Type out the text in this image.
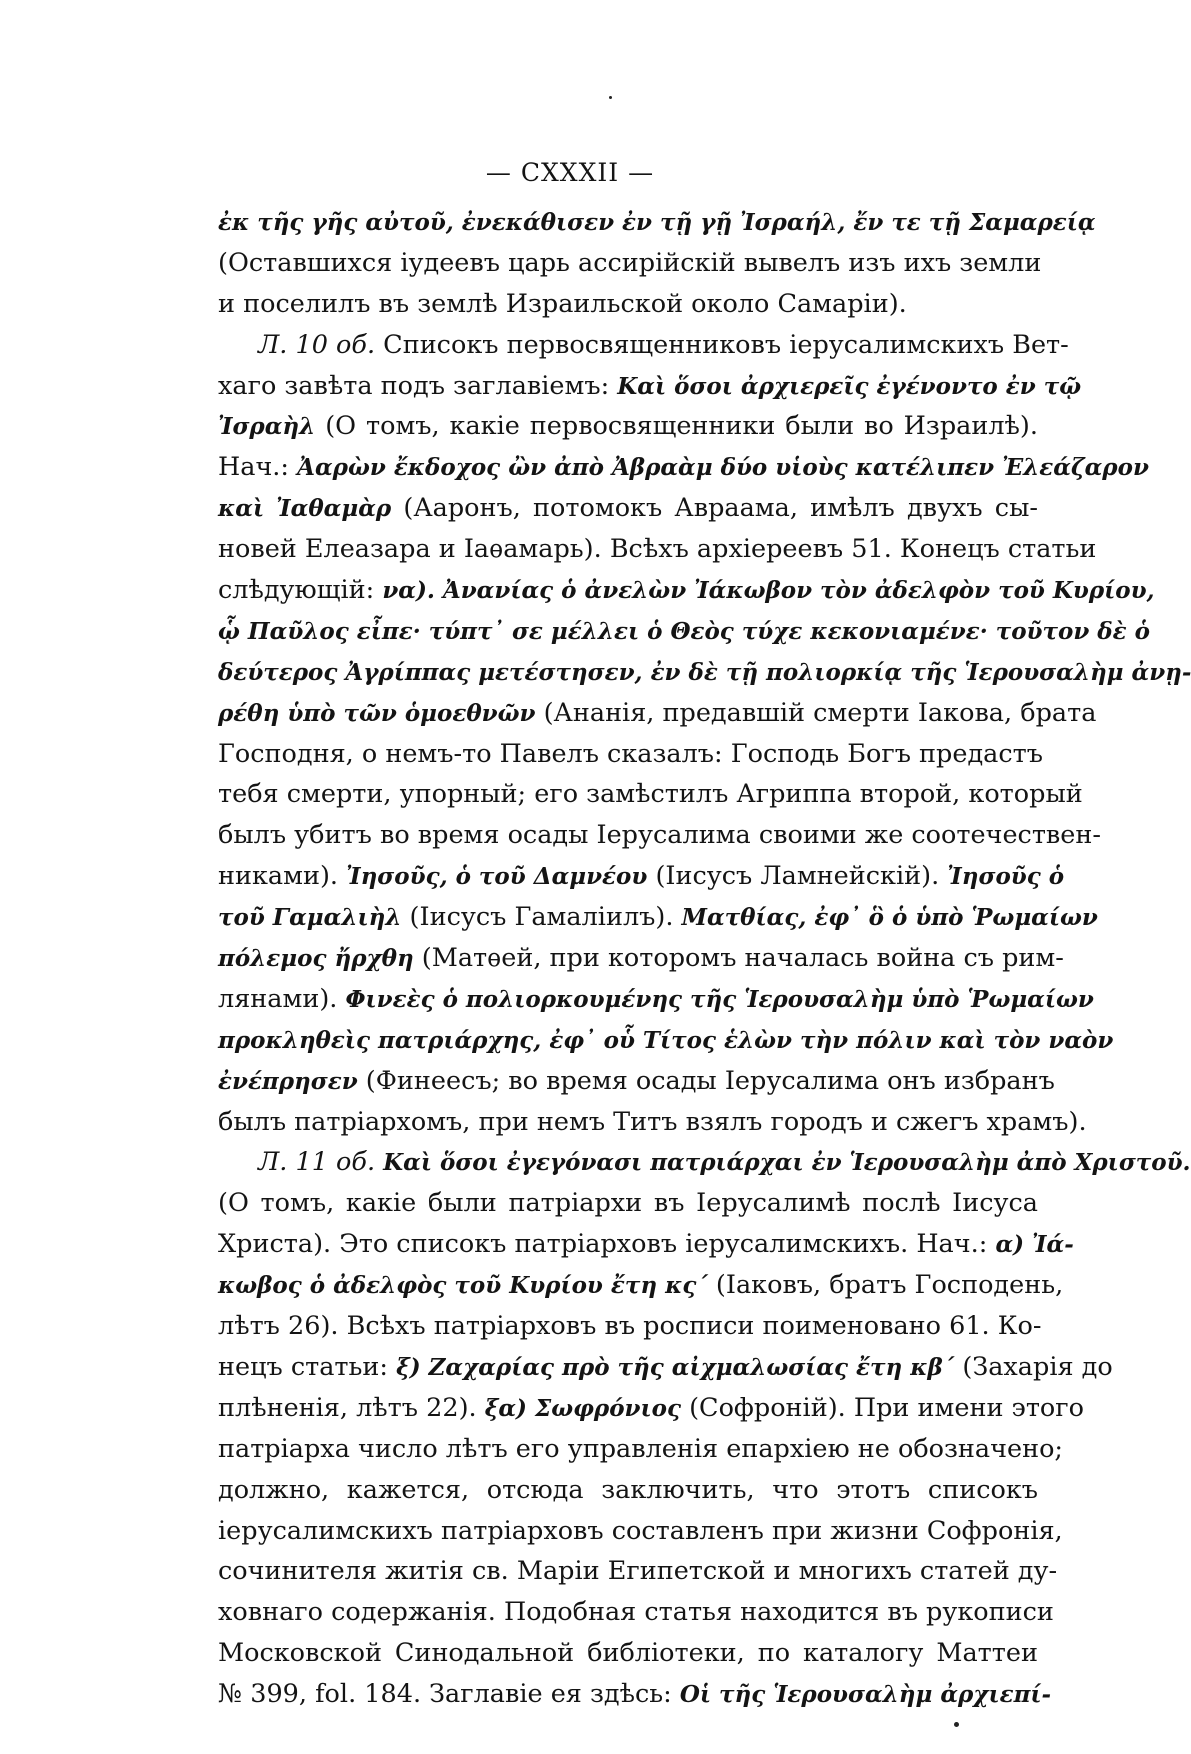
— CXXXII —
ἐκ τῆς γῆς αὐτοῦ, ἐνεκάθισεν ἐν τῇ γῇ Ἰσραήλ, ἔν τε τῇ Σαμαρείᾳ
(Оставшихся іудеевъ царь ассирійскій вывелъ изъ ихъ земли
и поселилъ въ землѣ Израильской около Самаріи).
Л. 10 об. Списокъ первосвященниковъ іерусалимскихъ Вет-
хаго завѣта подъ заглавіемъ: Καὶ ὅσοι ἀρχιερεῖς ἐγένοντο ἐν τῷ
Ἰσραὴλ (О томъ, какіе первосвященники были во Израилѣ).
Нач.: Ἀαρὼν ἔκδοχος ὢν ἀπὸ Ἀβραὰμ δύο υἱοὺς κατέλιπεν Ἐλεάζαρον
καὶ Ἰαθαμὰρ (Ааронъ, потомокъ Авраама, имѣлъ двухъ сы-
новей Елеазара и Іаѳамарь). Всѣхъ архіереевъ 51. Конецъ статьи
слѣдующій: να). Ἀνανίας ὁ ἀνελὼν Ἰάκωβον τὸν ἀδελφὸν τοῦ Κυρίου,
ᾧ Παῦλος εἶπε· τύπτ᾽ σε μέλλει ὁ Θεὸς τύχε κεκονιαμένε· τοῦτον δὲ ὁ
δεύτερος Ἀγρίππας μετέστησεν, ἐν δὲ τῇ πολιορκίᾳ τῆς Ἱερουσαλὴμ ἀνῃ-
ρέθη ὑπὸ τῶν ὁμοεθνῶν (Ананія, предавшій смерти Іакова, брата
Господня, о немъ-то Павелъ сказалъ: Господь Богъ предастъ
тебя смерти, упорный; его замѣстилъ Агриппа второй, который
былъ убитъ во время осады Іерусалима своими же соотечествен-
никами). Ἰησοῦς, ὁ τοῦ Δαμνέου (Іисусъ Ламнейскій). Ἰησοῦς ὁ
τοῦ Γαμαλιὴλ (Іисусъ Гамаліилъ). Ματθίας, ἐφ᾽ ὃ ὁ ὑπὸ Ῥωμαίων
πόλεμος ἤρχθη (Матѳей, при которомъ началась война съ рим-
лянами). Φινεὲς ὁ πολιορκουμένης τῆς Ἱερουσαλὴμ ὑπὸ Ῥωμαίων
προκληθεὶς πατριάρχης, ἐφ᾽ οὗ Τίτος ἑλὼν τὴν πόλιν καὶ τὸν ναὸν
ἐνέπρησεν (Финеесъ; во время осады Іерусалима онъ избранъ
былъ патріархомъ, при немъ Титъ взялъ городъ и сжегъ храмъ).
Л. 11 об. Καὶ ὅσοι ἐγεγόνασι πατριάρχαι ἐν Ἱερουσαλὴμ ἀπὸ Χριστοῦ.
(О томъ, какіе были патріархи въ Іерусалимѣ послѣ Іисуса
Христа). Это списокъ патріарховъ іерусалимскихъ. Нач.: α) Ἰά-
κωβος ὁ ἀδελφὸς τοῦ Κυρίου ἔτη κς´ (Іаковъ, братъ Господень,
лѣтъ 26). Всѣхъ патріарховъ въ росписи поименовано 61. Ко-
нецъ статьи: ξ) Ζαχαρίας πρὸ τῆς αἰχμαλωσίας ἔτη κβ´ (Захарія до
плѣненія, лѣтъ 22). ξα) Σωφρόνιος (Софроній). При имени этого
патріарха число лѣтъ его управленія епархіею не обозначено;
должно, кажется, отсюда заключить, что этотъ списокъ
іерусалимскихъ патріарховъ составленъ при жизни Софронія,
сочинителя житія св. Маріи Египетской и многихъ статей ду-
ховнаго содержанія. Подобная статья находится въ рукописи
Московской Синодальной библіотеки, по каталогу Маттеи
№ 399, fol. 184. Заглавіе ея здѣсь: Οἱ τῆς Ἱερουσαλὴμ ἀρχιεπί-
